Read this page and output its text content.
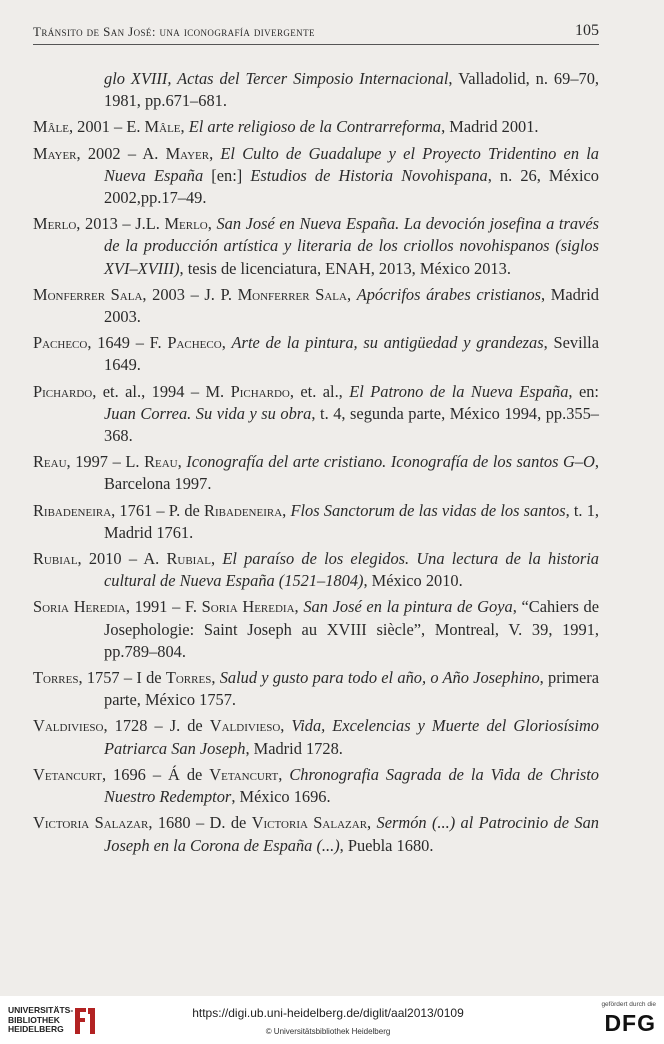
Tránsito de San José: una iconografía divergente	105

glo XVIII, Actas del Tercer Simposio Internacional, Valladolid, n. 69–70, 1981, pp.671–681.

Mâle, 2001 – E. Mâle, El arte religioso de la Contrarreforma, Madrid 2001.

Mayer, 2002 – A. Mayer, El Culto de Guadalupe y el Proyecto Tridentino en la Nueva España [en:] Estudios de Historia Novohispana, n. 26, México 2002,pp.17–49.

Merlo, 2013 – J.L. Merlo, San José en Nueva España. La devoción josefina a través de la producción artística y literaria de los criollos novohispanos (siglos XVI–XVIII), tesis de licenciatura, ENAH, 2013, México 2013.

Monferrer Sala, 2003 – J. P. Monferrer Sala, Apócrifos árabes cristianos, Madrid 2003.

Pacheco, 1649 – F. Pacheco, Arte de la pintura, su antigüedad y grandezas, Sevilla 1649.

Pichardo, et. al., 1994 – M. Pichardo, et. al., El Patrono de la Nueva España, en: Juan Correa. Su vida y su obra, t. 4, segunda parte, México 1994, pp.355–368.

Reau, 1997 – L. Reau, Iconografía del arte cristiano. Iconografía de los santos G–O, Barcelona 1997.

Ribadeneira, 1761 – P. de Ribadeneira, Flos Sanctorum de las vidas de los santos, t. 1, Madrid 1761.

Rubial, 2010 – A. Rubial, El paraíso de los elegidos. Una lectura de la historia cultural de Nueva España (1521–1804), México 2010.

Soria Heredia, 1991 – F. Soria Heredia, San José en la pintura de Goya, “Cahiers de Josephologie: Saint Joseph au XVIII siècle”, Montreal, V. 39, 1991, pp.789–804.

Torres, 1757 – I de Torres, Salud y gusto para todo el año, o Año Josephino, primera parte, México 1757.

Valdivieso, 1728 – J. de Valdivieso, Vida, Excelencias y Muerte del Gloriosísimo Patriarca San Joseph, Madrid 1728.

Vetancurt, 1696 – Á de Vetancurt, Chronografia Sagrada de la Vida de Christo Nuestro Redemptor, México 1696.

Victoria Salazar, 1680 – D. de Victoria Salazar, Sermón (...) al Patrocinio de San Joseph en la Corona de España (...), Puebla 1680.

UNIVERSITÄTS-
BIBLIOTHEK
HEIDELBERG
https://digi.ub.uni-heidelberg.de/diglit/aal2013/0109
© Universitätsbibliothek Heidelberg
gefördert durch die
DFG
